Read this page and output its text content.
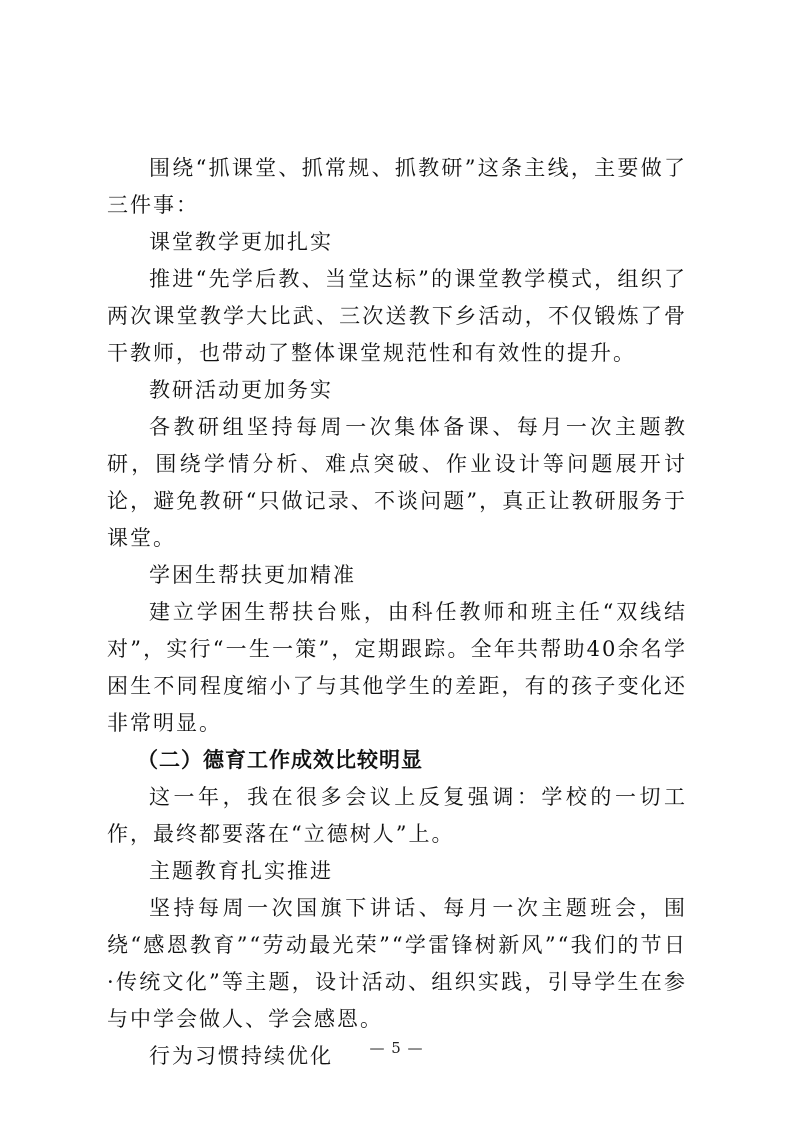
围绕“抓课堂、抓常规、抓教研”这条主线，主要做了三件事：

课堂教学更加扎实

推进“先学后教、当堂达标”的课堂教学模式，组织了两次课堂教学大比武、三次送教下乡活动，不仅锻炼了骨干教师，也带动了整体课堂规范性和有效性的提升。

教研活动更加务实

各教研组坚持每周一次集体备课、每月一次主题教研，围绕学情分析、难点突破、作业设计等问题展开讨论，避免教研“只做记录、不谈问题”，真正让教研服务于课堂。

学困生帮扶更加精准

建立学困生帮扶台账，由科任教师和班主任“双线结对”，实行“一生一策”，定期跟踪。全年共帮助40余名学困生不同程度缩小了与其他学生的差距，有的孩子变化还非常明显。

（二）德育工作成效比较明显

这一年，我在很多会议上反复强调：学校的一切工作，最终都要落在“立德树人”上。

主题教育扎实推进

坚持每周一次国旗下讲话、每月一次主题班会，围绕“感恩教育”“劳动最光荣”“学雷锋树新风”“我们的节日·传统文化”等主题，设计活动、组织实践，引导学生在参与中学会做人、学会感恩。

行为习惯持续优化	— 5 —
